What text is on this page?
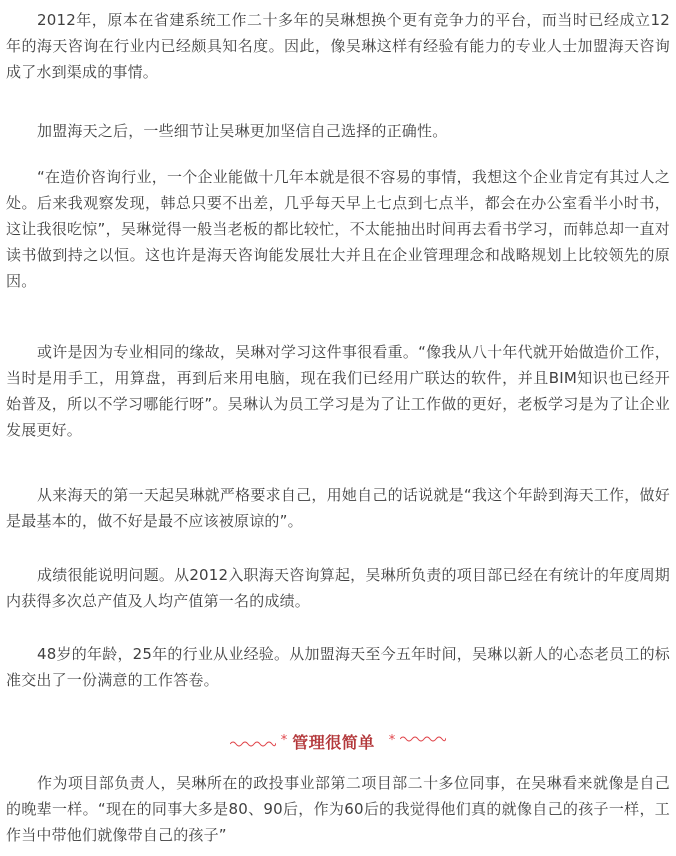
2012年，原本在省建系统工作二十多年的吴琳想换个更有竞争力的平台，而当时已经成立12年的海天咨询在行业内已经颇具知名度。因此，像吴琳这样有经验有能力的专业人士加盟海天咨询成了水到渠成的事情。

加盟海天之后，一些细节让吴琳更加坚信自己选择的正确性。

“在造价咨询行业，一个企业能做十几年本就是很不容易的事情，我想这个企业肯定有其过人之处。后来我观察发现，韩总只要不出差，几乎每天早上七点到七点半，都会在办公室看半小时书，这让我很吃惊”，吴琳觉得一般当老板的都比较忙，不太能抽出时间再去看书学习，而韩总却一直对读书做到持之以恒。这也许是海天咨询能发展壮大并且在企业管理理念和战略规划上比较领先的原因。

或许是因为专业相同的缘故，吴琳对学习这件事很看重。“像我从八十年代就开始做造价工作，当时是用手工，用算盘，再到后来用电脑，现在我们已经用广联达的软件，并且BIM知识也已经开始普及，所以不学习哪能行呀”。吴琳认为员工学习是为了让工作做的更好，老板学习是为了让企业发展更好。

从来海天的第一天起吴琳就严格要求自己，用她自己的话说就是“我这个年龄到海天工作，做好是最基本的，做不好是最不应该被原谅的”。

成绩很能说明问题。从2012入职海天咨询算起，吴琳所负责的项目部已经在有统计的年度周期内获得多次总产值及人均产值第一名的成绩。

48岁的年龄，25年的行业从业经验。从加盟海天至今五年时间，吴琳以新人的心态老员工的标准交出了一份满意的工作答卷。

* 管理很简单 *

作为项目部负责人，吴琳所在的政投事业部第二项目部二十多位同事，在吴琳看来就像是自己的晚辈一样。“现在的同事大多是80、90后，作为60后的我觉得他们真的就像自己的孩子一样，工作当中带他们就像带自己的孩子”
